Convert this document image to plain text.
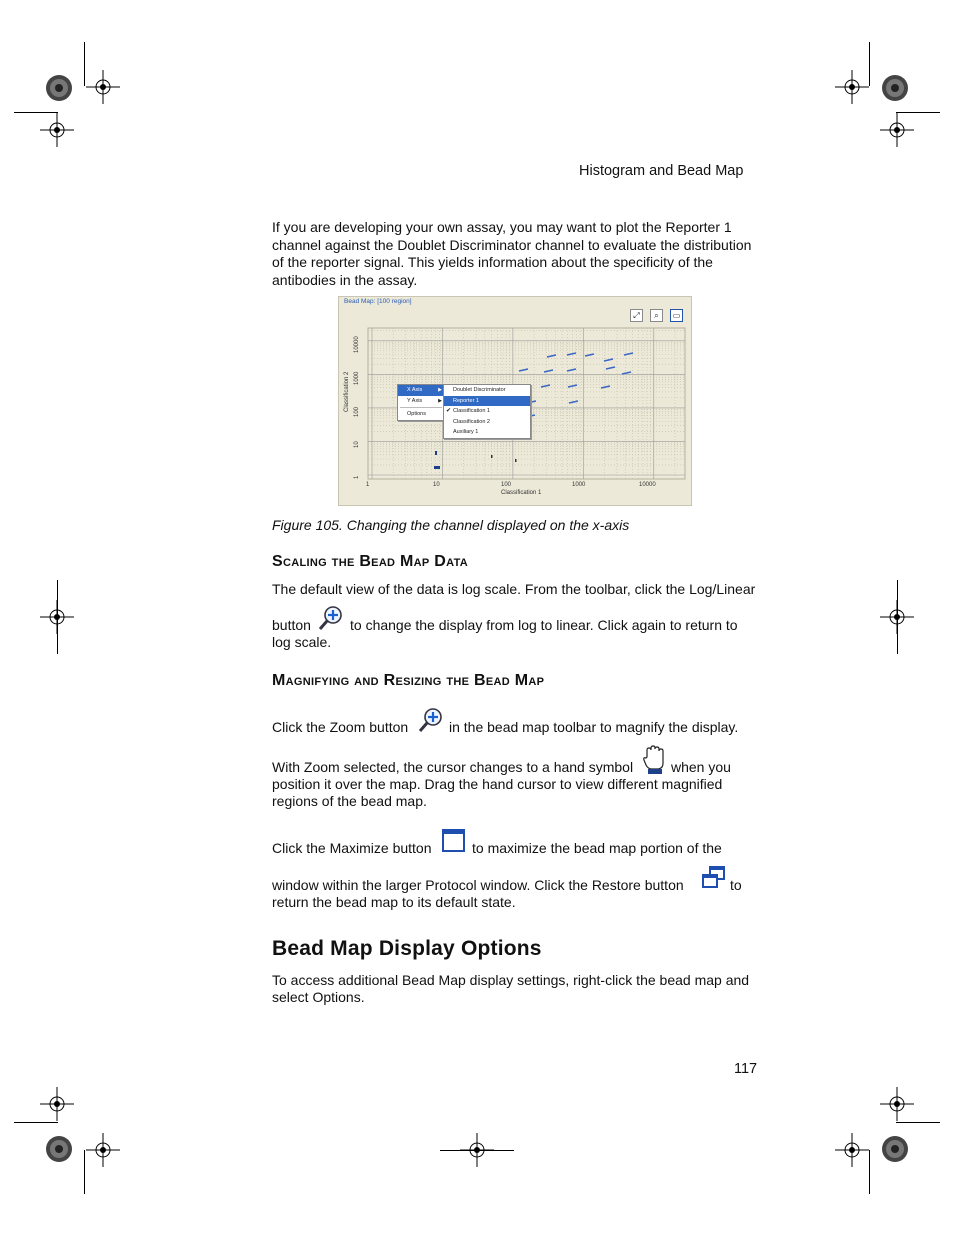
Histogram and Bead Map
If you are developing your own assay, you may want to plot the Reporter 1
channel against the Doublet Discriminator channel to evaluate the distribution
of the reporter signal. This yields information about the specificity of the
antibodies in the assay.
Bead Map: [100 region]
⤢	⌕	▭
Classification 2
10000
1000
100
10
1
1	10	100	1000	10000
Classification 1
X Axis	▶
Y Axis	▶
Options
Doublet Discriminator
Reporter 1
✔ Classification 1
Classification 2
Auxiliary 1
Figure 105. Changing the channel displayed on the x-axis
Scaling the Bead Map Data
The default view of the data is log scale. From the toolbar, click the Log/Linear
button	to change the display from log to linear. Click again to return to
log scale.
Magnifying and Resizing the Bead Map
Click the Zoom button	in the bead map toolbar to magnify the display.
With Zoom selected, the cursor changes to a hand symbol	when you
position it over the map. Drag the hand cursor to view different magnified
regions of the bead map.
Click the Maximize button	to maximize the bead map portion of the
window within the larger Protocol window. Click the Restore button	to
return the bead map to its default state.
Bead Map Display Options
To access additional Bead Map display settings, right-click the bead map and
select Options.
117
